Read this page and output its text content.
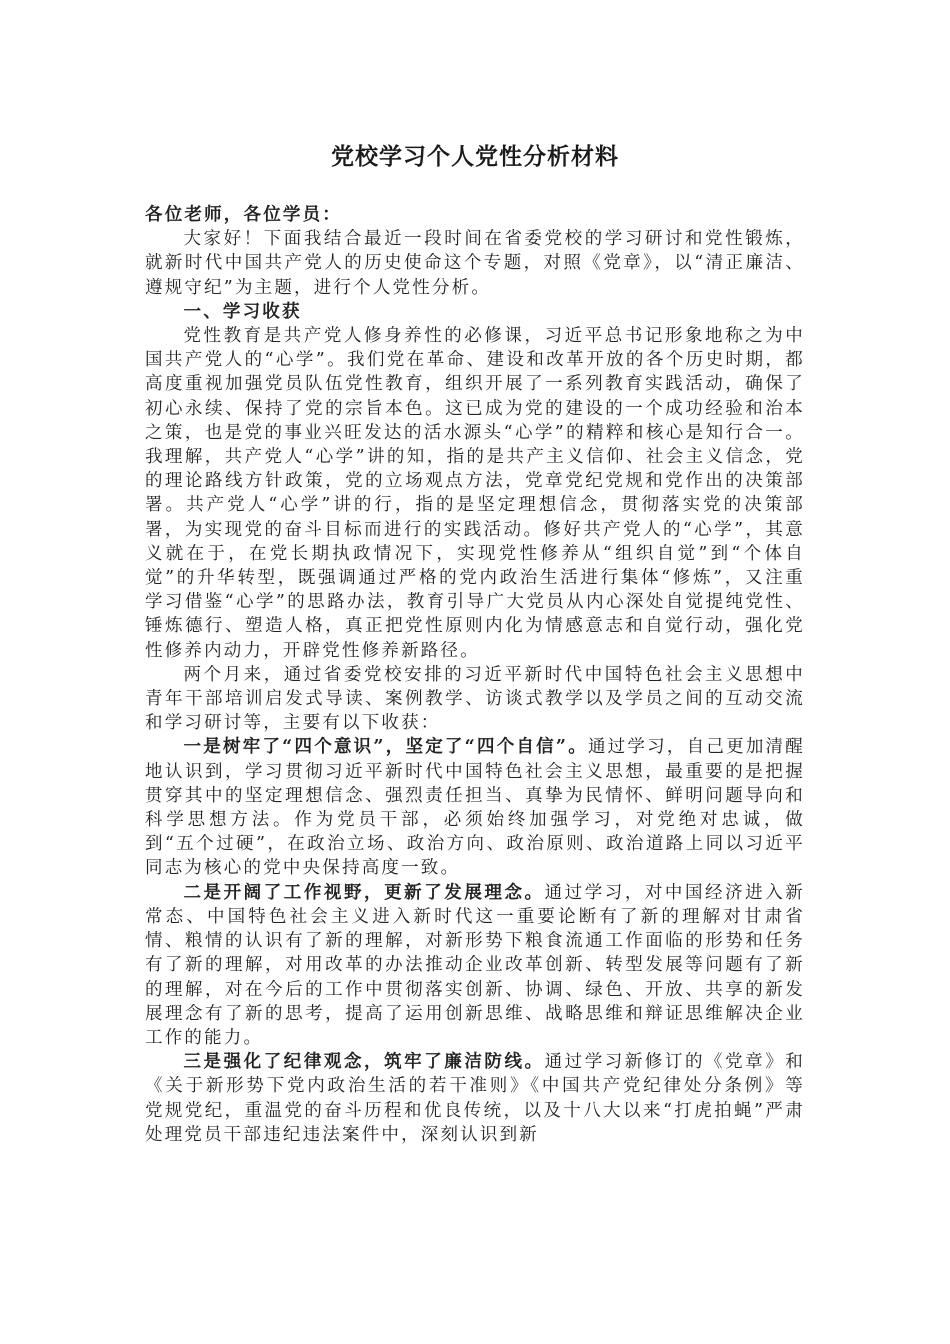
党校学习个人党性分析材料

各位老师，各位学员：

大家好！下面我结合最近一段时间在省委党校的学习研讨和党性锻炼，就新时代中国共产党人的历史使命这个专题，对照《党章》，以“清正廉洁、遵规守纪”为主题，进行个人党性分析。

一、学习收获

党性教育是共产党人修身养性的必修课，习近平总书记形象地称之为中国共产党人的“心学”。我们党在革命、建设和改革开放的各个历史时期，都高度重视加强党员队伍党性教育，组织开展了一系列教育实践活动，确保了初心永续、保持了党的宗旨本色。这已成为党的建设的一个成功经验和治本之策，也是党的事业兴旺发达的活水源头“心学”的精粹和核心是知行合一。我理解，共产党人“心学”讲的知，指的是共产主义信仰、社会主义信念，党的理论路线方针政策，党的立场观点方法，党章党纪党规和党作出的决策部署。共产党人“心学”讲的行，指的是坚定理想信念，贯彻落实党的决策部署，为实现党的奋斗目标而进行的实践活动。修好共产党人的“心学”，其意义就在于，在党长期执政情况下，实现党性修养从“组织自觉”到“个体自觉”的升华转型，既强调通过严格的党内政治生活进行集体“修炼”，又注重学习借鉴“心学”的思路办法，教育引导广大党员从内心深处自觉提纯党性、锤炼德行、塑造人格，真正把党性原则内化为情感意志和自觉行动，强化党性修养内动力，开辟党性修养新路径。

两个月来，通过省委党校安排的习近平新时代中国特色社会主义思想中青年干部培训启发式导读、案例教学、访谈式教学以及学员之间的互动交流和学习研讨等，主要有以下收获：

一是树牢了“四个意识”，坚定了“四个自信”。通过学习，自己更加清醒地认识到，学习贯彻习近平新时代中国特色社会主义思想，最重要的是把握贯穿其中的坚定理想信念、强烈责任担当、真挚为民情怀、鲜明问题导向和科学思想方法。作为党员干部，必须始终加强学习，对党绝对忠诚，做到“五个过硬”，在政治立场、政治方向、政治原则、政治道路上同以习近平同志为核心的党中央保持高度一致。

二是开阔了工作视野，更新了发展理念。通过学习，对中国经济进入新常态、中国特色社会主义进入新时代这一重要论断有了新的理解对甘肃省情、粮情的认识有了新的理解，对新形势下粮食流通工作面临的形势和任务有了新的理解，对用改革的办法推动企业改革创新、转型发展等问题有了新的理解，对在今后的工作中贯彻落实创新、协调、绿色、开放、共享的新发展理念有了新的思考，提高了运用创新思维、战略思维和辩证思维解决企业工作的能力。

三是强化了纪律观念，筑牢了廉洁防线。通过学习新修订的《党章》和《关于新形势下党内政治生活的若干准则》《中国共产党纪律处分条例》等党规党纪，重温党的奋斗历程和优良传统，以及十八大以来“打虎拍蝇”严肃处理党员干部违纪违法案件中，深刻认识到新
